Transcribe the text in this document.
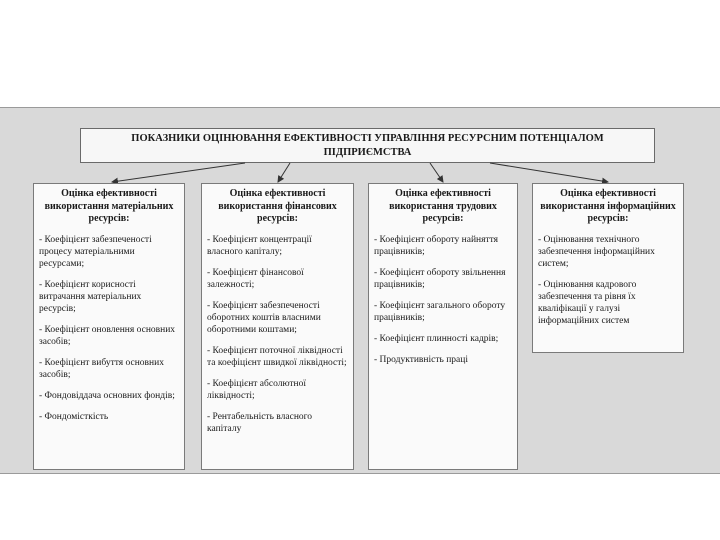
ПОКАЗНИКИ ОЦІНЮВАННЯ ЕФЕКТИВНОСТІ УПРАВЛІННЯ РЕСУРСНИМ ПОТЕНЦІАЛОМ ПІДПРИЄМСТВА
Оцінка ефективності використання матеріальних ресурсів:
- Коефіцієнт забезпеченості процесу матеріальними ресурсами;
- Коефіцієнт корисності витрачання матеріальних ресурсів;
- Коефіцієнт оновлення основних засобів;
- Коефіцієнт вибуття основних засобів;
- Фондовіддача основних фондів;
- Фондомісткість
Оцінка ефективності використання фінансових ресурсів:
- Коефіцієнт концентрації власного капіталу;
- Коефіцієнт фінансової залежності;
- Коефіцієнт забезпеченості оборотних коштів власними оборотними коштами;
- Коефіцієнт поточної ліквідності та коефіцієнт швидкої ліквідності;
- Коефіцієнт абсолютної ліквідності;
- Рентабельність власного капіталу
Оцінка ефективності використання трудових ресурсів:
- Коефіцієнт обороту найняття працівників;
- Коефіцієнт обороту звільнення працівників;
- Коефіцієнт загального обороту працівників;
- Коефіцієнт плинності кадрів;
- Продуктивність праці
Оцінка ефективності використання інформаційних ресурсів:
- Оцінювання технічного забезпечення інформаційних систем;
- Оцінювання кадрового забезпечення та рівня їх кваліфікації у галузі інформаційних систем
